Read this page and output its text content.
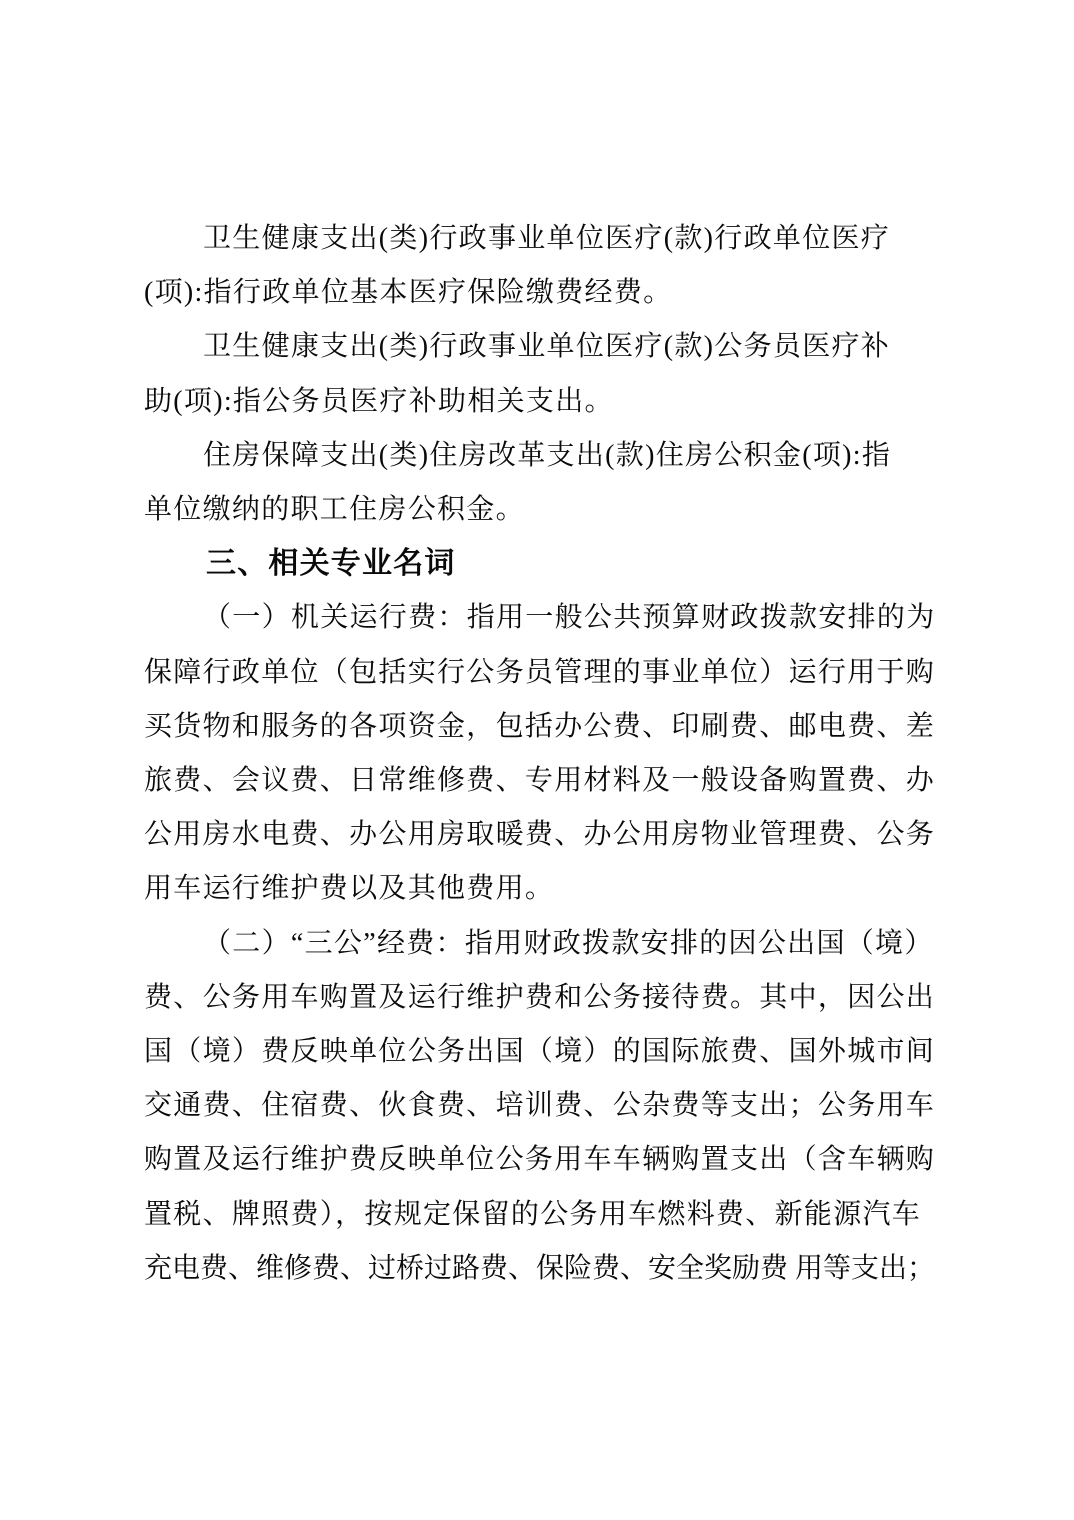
卫生健康支出(类)行政事业单位医疗(款)行政单位医疗

(项):指行政单位基本医疗保险缴费经费。

卫生健康支出(类)行政事业单位医疗(款)公务员医疗补

助(项):指公务员医疗补助相关支出。

住房保障支出(类)住房改革支出(款)住房公积金(项):指

单位缴纳的职工住房公积金。

三、相关专业名词

（一）机关运行费：指用一般公共预算财政拨款安排的为

保障行政单位（包括实行公务员管理的事业单位）运行用于购

买货物和服务的各项资金，包括办公费、印刷费、邮电费、差

旅费、会议费、日常维修费、专用材料及一般设备购置费、办

公用房水电费、办公用房取暖费、办公用房物业管理费、公务

用车运行维护费以及其他费用。

（二）“三公”经费：指用财政拨款安排的因公出国（境）

费、公务用车购置及运行维护费和公务接待费。其中，因公出

国（境）费反映单位公务出国（境）的国际旅费、国外城市间

交通费、住宿费、伙食费、培训费、公杂费等支出；公务用车

购置及运行维护费反映单位公务用车车辆购置支出（含车辆购

置税、牌照费），按规定保留的公务用车燃料费、新能源汽车

充电费、维修费、过桥过路费、保险费、安全奖励费 用等支出；
